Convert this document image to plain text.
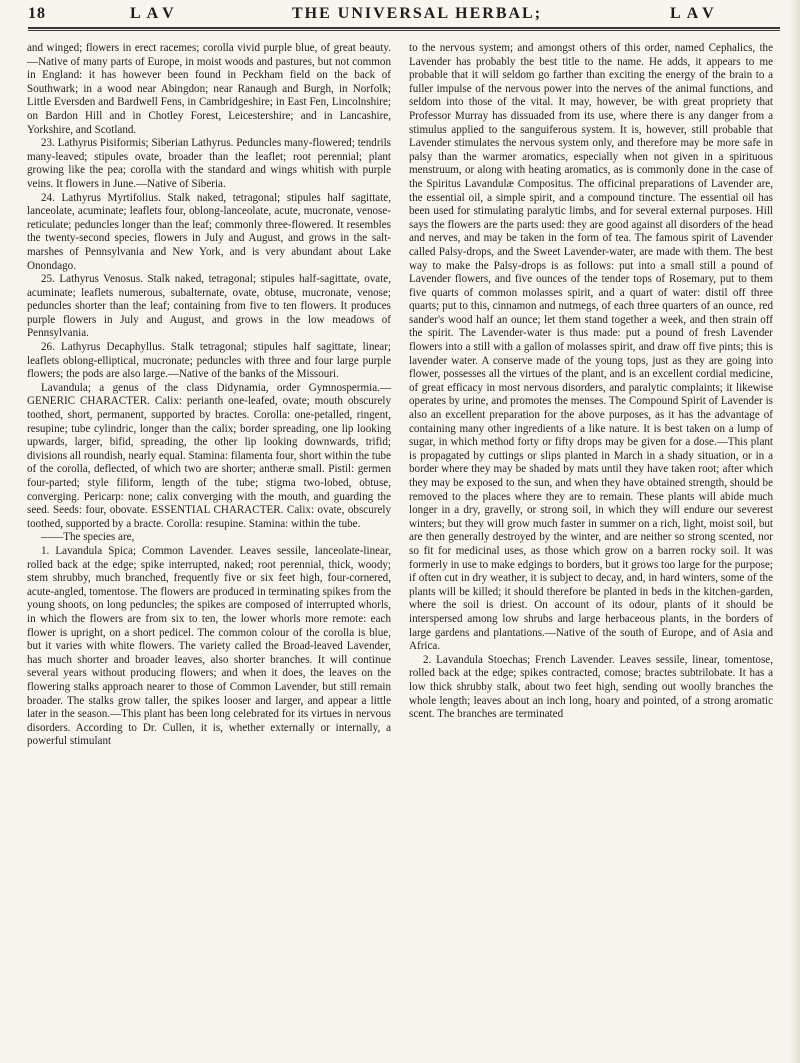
18	LAV	THE UNIVERSAL HERBAL;	LAV

and winged; flowers in erect racemes; corolla vivid purple blue, of great beauty.—Native of many parts of Europe, in moist woods and pastures, but not common in England: it has however been found in Peckham field on the back of Southwark; in a wood near Abingdon; near Ranaugh and Burgh, in Norfolk; Little Eversden and Bardwell Fens, in Cambridgeshire; in East Fen, Lincolnshire; on Bardon Hill and in Chotley Forest, Leicestershire; and in Lancashire, Yorkshire, and Scotland.

23. Lathyrus Pisiformis; Siberian Lathyrus. Peduncles many-flowered; tendrils many-leaved; stipules ovate, broader than the leaflet; root perennial; plant growing like the pea; corolla with the standard and wings whitish with purple veins. It flowers in June.—Native of Siberia.

24. Lathyrus Myrtifolius. Stalk naked, tetragonal; stipules half sagittate, lanceolate, acuminate; leaflets four, oblong-lanceolate, acute, mucronate, venose-reticulate; peduncles longer than the leaf; commonly three-flowered. It resembles the twenty-second species, flowers in July and August, and grows in the salt-marshes of Pennsylvania and New York, and is very abundant about Lake Onondago.

25. Lathyrus Venosus. Stalk naked, tetragonal; stipules half-sagittate, ovate, acuminate; leaflets numerous, subalternate, ovate, obtuse, mucronate, venose; peduncles shorter than the leaf; containing from five to ten flowers. It produces purple flowers in July and August, and grows in the low meadows of Pennsylvania.

26. Lathyrus Decaphyllus. Stalk tetragonal; stipules half sagittate, linear; leaflets oblong-elliptical, mucronate; peduncles with three and four large purple flowers; the pods are also large.—Native of the banks of the Missouri.

Lavandula; a genus of the class Didynamia, order Gymnospermia.—GENERIC CHARACTER. Calix: perianth one-leafed, ovate; mouth obscurely toothed, short, permanent, supported by bractes. Corolla: one-petalled, ringent, resupine; tube cylindric, longer than the calix; border spreading, one lip looking upwards, larger, bifid, spreading, the other lip looking downwards, trifid; divisions all roundish, nearly equal. Stamina: filamenta four, short within the tube of the corolla, deflected, of which two are shorter; antheræ small. Pistil: germen four-parted; style filiform, length of the tube; stigma two-lobed, obtuse, converging. Pericarp: none; calix converging with the mouth, and guarding the seed. Seeds: four, obovate. ESSENTIAL CHARACTER. Calix: ovate, obscurely toothed, supported by a bracte. Corolla: resupine. Stamina: within the tube.

——The species are,

1. Lavandula Spica; Common Lavender. Leaves sessile, lanceolate-linear, rolled back at the edge; spike interrupted, naked; root perennial, thick, woody; stem shrubby, much branched, frequently five or six feet high, four-cornered, acute-angled, tomentose. The flowers are produced in terminating spikes from the young shoots, on long peduncles; the spikes are composed of interrupted whorls, in which the flowers are from six to ten, the lower whorls more remote: each flower is upright, on a short pedicel. The common colour of the corolla is blue, but it varies with white flowers. The variety called the Broad-leaved Lavender, has much shorter and broader leaves, also shorter branches. It will continue several years without producing flowers; and when it does, the leaves on the flowering stalks approach nearer to those of Common Lavender, but still remain broader. The stalks grow taller, the spikes looser and larger, and appear a little later in the season.—This plant has been long celebrated for its virtues in nervous disorders. According to Dr. Cullen, it is, whether externally or internally, a powerful stimulant

to the nervous system; and amongst others of this order, named Cephalics, the Lavender has probably the best title to the name. He adds, it appears to me probable that it will seldom go farther than exciting the energy of the brain to a fuller impulse of the nervous power into the nerves of the animal functions, and seldom into those of the vital. It may, however, be with great propriety that Professor Murray has dissuaded from its use, where there is any danger from a stimulus applied to the sanguiferous system. It is, however, still probable that Lavender stimulates the nervous system only, and therefore may be more safe in palsy than the warmer aromatics, especially when not given in a spirituous menstruum, or along with heating aromatics, as is commonly done in the case of the Spiritus Lavandulæ Compositus. The officinal preparations of Lavender are, the essential oil, a simple spirit, and a compound tincture. The essential oil has been used for stimulating paralytic limbs, and for several external purposes. Hill says the flowers are the parts used: they are good against all disorders of the head and nerves, and may be taken in the form of tea. The famous spirit of Lavender called Palsy-drops, and the Sweet Lavender-water, are made with them. The best way to make the Palsy-drops is as follows: put into a small still a pound of Lavender flowers, and five ounces of the tender tops of Rosemary, put to them five quarts of common molasses spirit, and a quart of water: distil off three quarts; put to this, cinnamon and nutmegs, of each three quarters of an ounce, red sander's wood half an ounce; let them stand together a week, and then strain off the spirit. The Lavender-water is thus made: put a pound of fresh Lavender flowers into a still with a gallon of molasses spirit, and draw off five pints; this is lavender water. A conserve made of the young tops, just as they are going into flower, possesses all the virtues of the plant, and is an excellent cordial medicine, of great efficacy in most nervous disorders, and paralytic complaints; it likewise operates by urine, and promotes the menses. The Compound Spirit of Lavender is also an excellent preparation for the above purposes, as it has the advantage of containing many other ingredients of a like nature. It is best taken on a lump of sugar, in which method forty or fifty drops may be given for a dose.—This plant is propagated by cuttings or slips planted in March in a shady situation, or in a border where they may be shaded by mats until they have taken root; after which they may be exposed to the sun, and when they have obtained strength, should be removed to the places where they are to remain. These plants will abide much longer in a dry, gravelly, or strong soil, in which they will endure our severest winters; but they will grow much faster in summer on a rich, light, moist soil, but are then generally destroyed by the winter, and are neither so strong scented, nor so fit for medicinal uses, as those which grow on a barren rocky soil. It was formerly in use to make edgings to borders, but it grows too large for the purpose; if often cut in dry weather, it is subject to decay, and, in hard winters, some of the plants will be killed; it should therefore be planted in beds in the kitchen-garden, where the soil is driest. On account of its odour, plants of it should be interspersed among low shrubs and large herbaceous plants, in the borders of large gardens and plantations.—Native of the south of Europe, and of Asia and Africa.

2. Lavandula Stoechas; French Lavender. Leaves sessile, linear, tomentose, rolled back at the edge; spikes contracted, comose; bractes subtrilobate. It has a low thick shrubby stalk, about two feet high, sending out woolly branches the whole length; leaves about an inch long, hoary and pointed, of a strong aromatic scent. The branches are terminated
